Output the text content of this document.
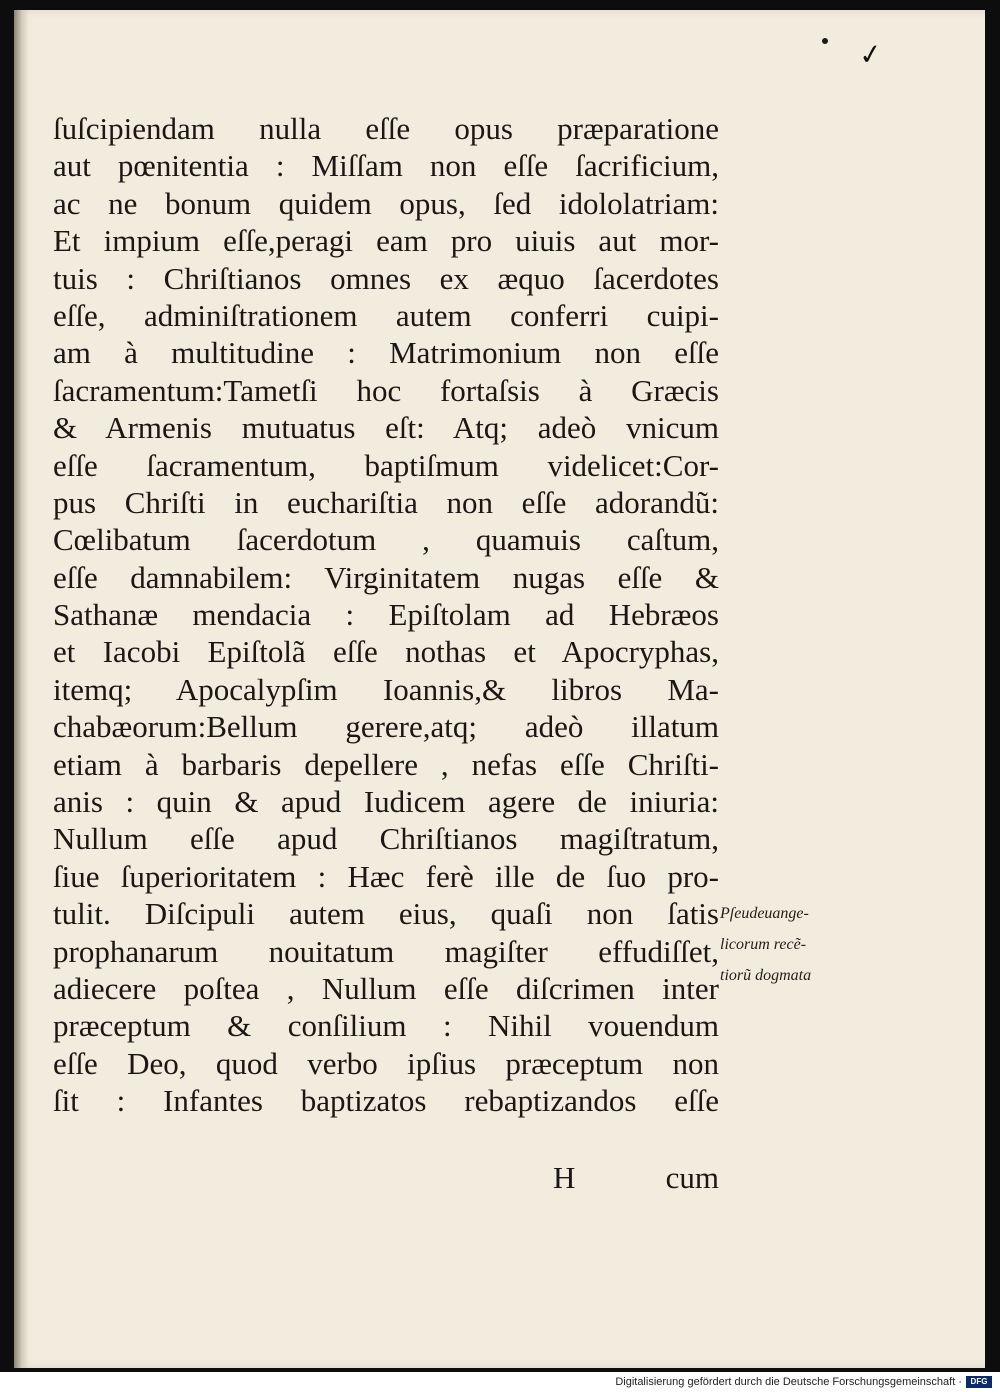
✓
ſuſcipiendam nulla eſſe opus præparatione
aut pœnitentia : Miſſam non eſſe ſacrificium,
ac ne bonum quidem opus, ſed idololatriam:
Et impium eſſe,peragi eam pro uiuis aut mor-
tuis : Chriſtianos omnes ex æquo ſacerdotes
eſſe, adminiſtrationem autem conferri cuipi-
am à multitudine : Matrimonium non eſſe
ſacramentum:Tametſi hoc fortaſsis à Græcis
& Armenis mutuatus eſt: Atq; adeò vnicum
eſſe ſacramentum, baptiſmum videlicet:Cor-
pus Chriſti in euchariſtia non eſſe adorandũ:
Cœlibatum ſacerdotum , quamuis caſtum,
eſſe damnabilem: Virginitatem nugas eſſe &
Sathanæ mendacia : Epiſtolam ad Hebræos
et Iacobi Epiſtolã eſſe nothas et Apocryphas,
itemq; Apocalypſim Ioannis,& libros Ma-
chabæorum:Bellum gerere,atq; adeò illatum
etiam à barbaris depellere , nefas eſſe Chriſti-
anis : quin & apud Iudicem agere de iniuria:
Nullum eſſe apud Chriſtianos magiſtratum,
ſiue ſuperioritatem : Hæc ferè ille de ſuo pro-
tulit. Diſcipuli autem eius, quaſi non ſatis
prophanarum nouitatum magiſter effudiſſet,
adiecere poſtea , Nullum eſſe diſcrimen inter
præceptum & conſilium : Nihil vouendum
eſſe Deo, quod verbo ipſius præceptum non
ſit : Infantes baptizatos rebaptizandos eſſe
H	cum
Pſeudeuange-
licorum recẽ-
tiorũ dogmata
Digitalisierung gefördert durch die Deutsche Forschungsgemeinschaft ·	DFG
